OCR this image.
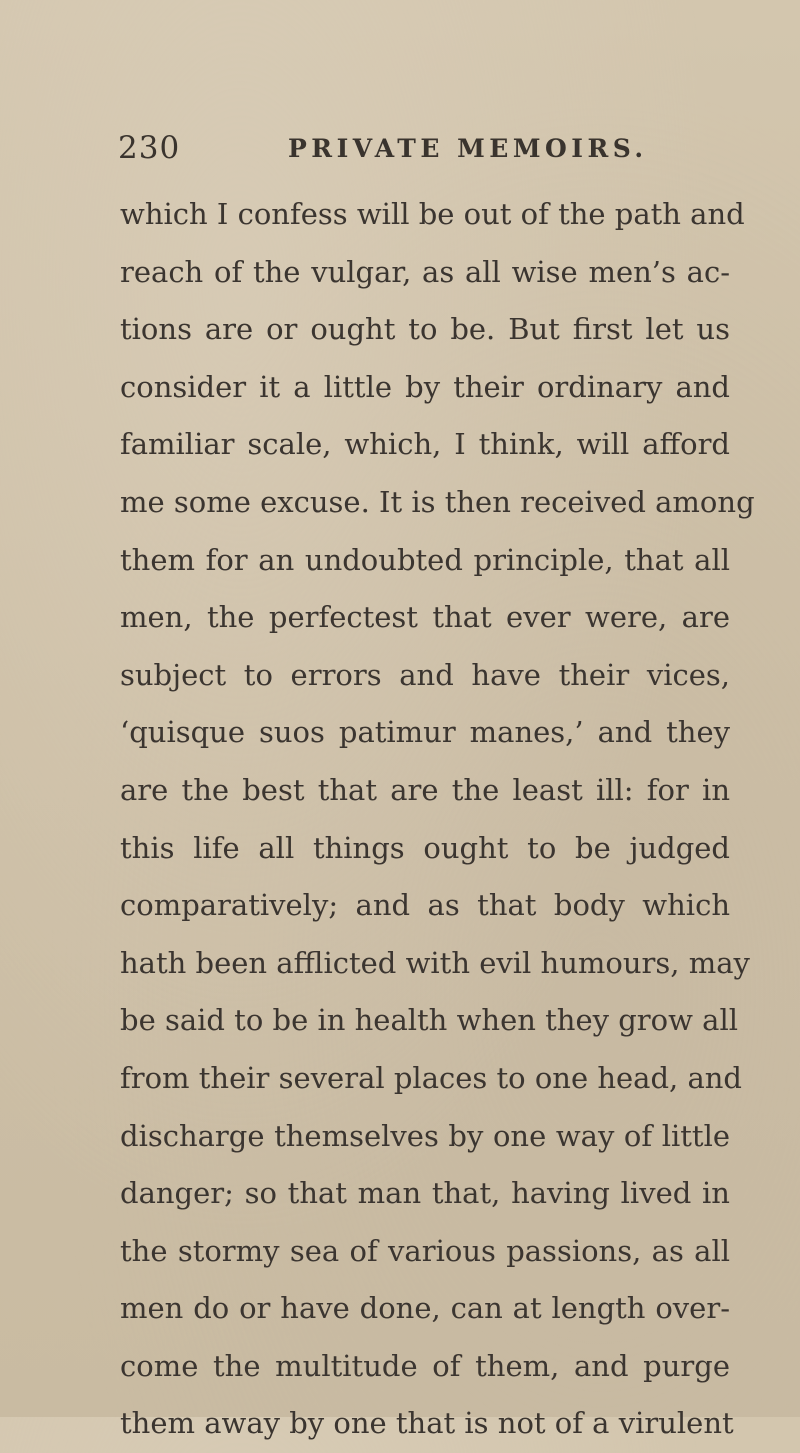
230	PRIVATE MEMOIRS.
which I confess will be out of the path and
reach of the vulgar, as all wise men’s ac-
tions are or ought to be. But first let us
consider it a little by their ordinary and
familiar scale, which, I think, will afford
me some excuse. It is then received among
them for an undoubted principle, that all
men, the perfectest that ever were, are
subject to errors and have their vices,
‘quisque suos patimur manes,’ and they
are the best that are the least ill: for in
this life all things ought to be judged
comparatively; and as that body which
hath been afflicted with evil humours, may
be said to be in health when they grow all
from their several places to one head, and
discharge themselves by one way of little
danger; so that man that, having lived in
the stormy sea of various passions, as all
men do or have done, can at length over-
come the multitude of them, and purge
them away by one that is not of a virulent
